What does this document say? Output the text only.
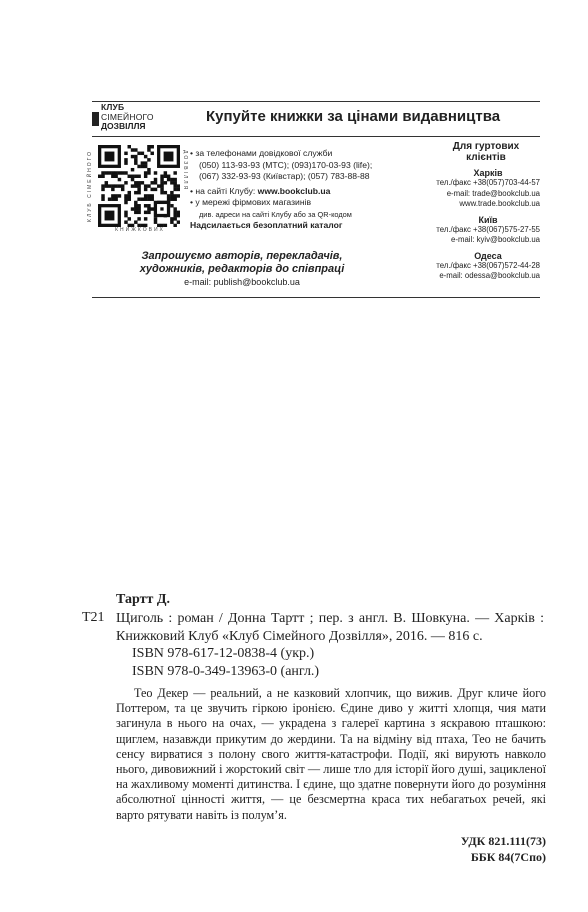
КЛУБ
СІМЕЙНОГО
ДОЗВІЛЛЯ
Купуйте книжки за цінами видавництва
КЛУБ СІМЕЙНОГО	ДОЗВІЛЛЯ
КНИЖКОВИХ
• за телефонами довідкової служби
(050) 113-93-93 (МТС); (093)170-03-93 (life);
(067) 332-93-93 (Київстар); (057) 783-88-88
• на сайті Клубу: www.bookclub.ua
• у мережі фірмових магазинів
див. адреси на сайті Клубу або за QR-кодом
Надсилається безоплатний каталог
Для гуртових
клієнтів
Харків
тел./факс +38(057)703-44-57
e-mail: trade@bookclub.ua
www.trade.bookclub.ua
Київ
тел./факс +38(067)575-27-55
e-mail: kyiv@bookclub.ua
Одеса
тел./факс +38(067)572-44-28
e-mail: odessa@bookclub.ua
Запрошуємо авторів, перекладачів,
художників, редакторів до співпраці
e-mail: publish@bookclub.ua
Тартт Д.
Т21 Щиголь : роман / Донна Тартт ; пер. з англ. В. Шовкуна. — Харків : Книжковий Клуб «Клуб Сімейного Дозвілля», 2016. — 816 с.
ISBN 978-617-12-0838-4 (укр.)
ISBN 978-0-349-13963-0 (англ.)
Тео Декер — реальний, а не казковий хлопчик, що вижив. Друг кличе його Поттером, та це звучить гіркою іронією. Єдине диво у житті хлопця, чия мати загинула в нього на очах, — украдена з галереї картина з яскравою пташкою: щиглем, назавжди прикутим до жердини. Та на відміну від птаха, Тео не бачить сенсу вирватися з полону свого життя-катастрофи. Події, які вирують навколо нього, дивовижний і жорстокий світ — лише тло для історії його душі, зацикленої на жахливому моменті дитинства. І єдине, що здатне повернути його до розуміння абсолютної цінності життя, — це безсмертна краса тих небагатьох речей, які варто рятувати навіть із полум’я.
УДК 821.111(73)
ББК 84(7Спо)
